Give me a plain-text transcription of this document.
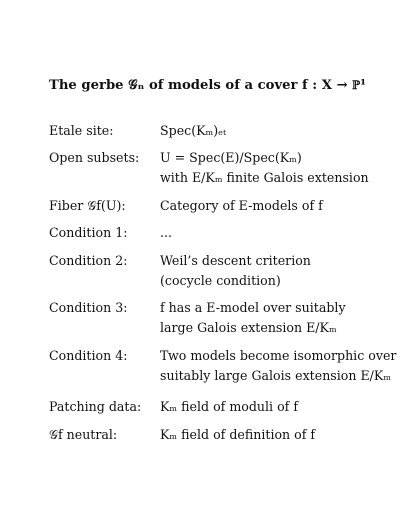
The gerbe 𝒢ₙ of models of a cover f : X → ℙ¹
Etale site:	Spec(Kₘ)ₑₜ
Open subsets: U = Spec(E)/Spec(Kₘ)
with E/Kₘ finite Galois extension
Fiber 𝒢f(U):	Category of E-models of f
Condition 1:	...
Condition 2:	Weil’s descent criterion
(cocycle condition)
Condition 3:	f has a E-model over suitably
large Galois extension E/Kₘ
Condition 4:	Two models become isomorphic over
suitably large Galois extension E/Kₘ
Patching data: Kₘ field of moduli of f
𝒢f neutral:	Kₘ field of definition of f
